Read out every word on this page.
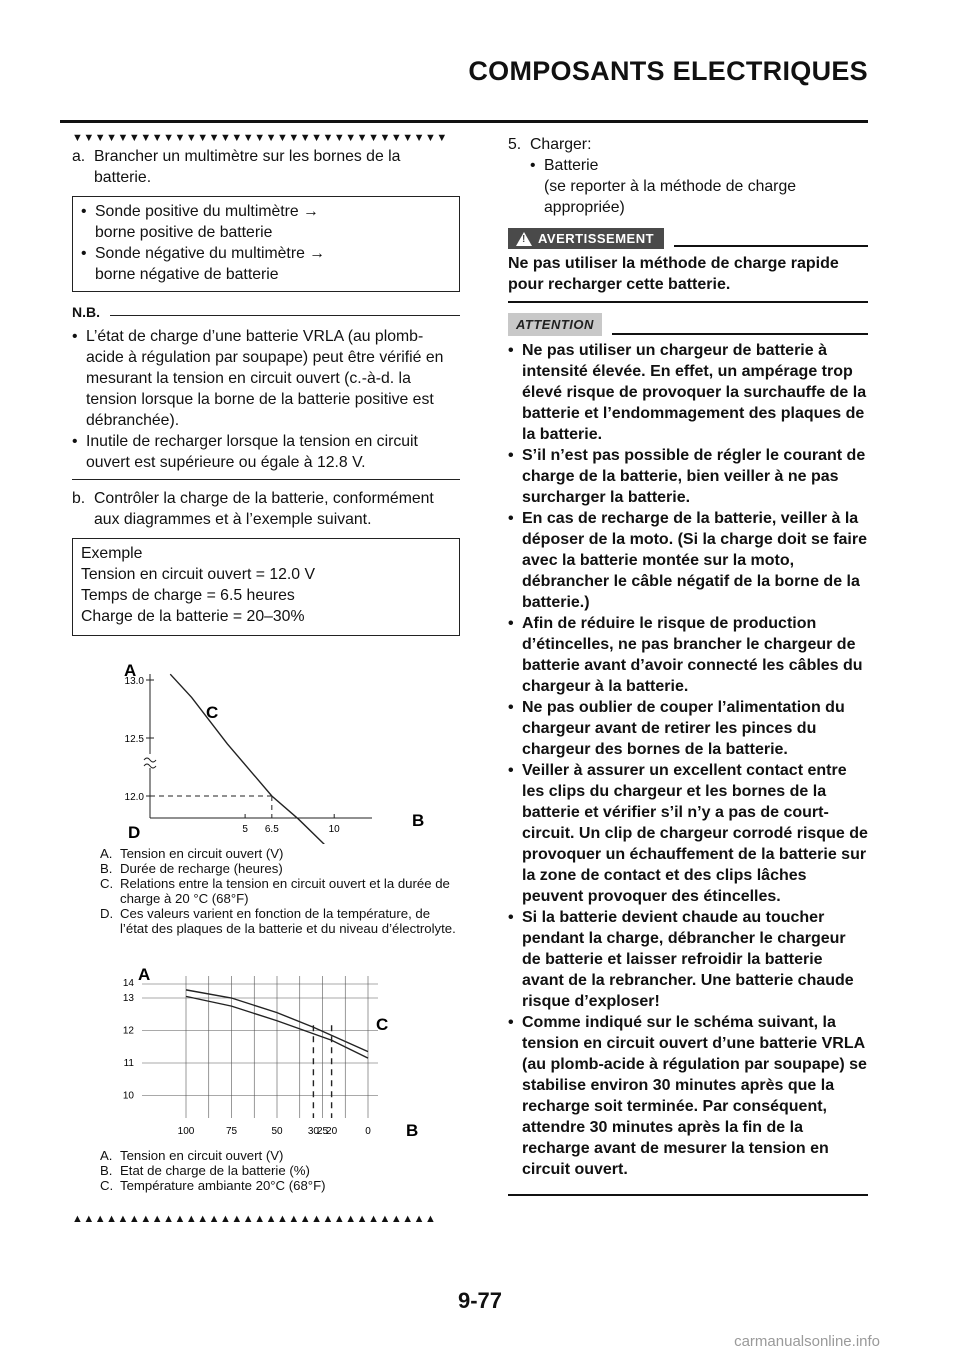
COMPOSANTS ELECTRIQUES
▼▼▼▼▼▼▼▼▼▼▼▼▼▼▼▼▼▼▼▼▼▼▼▼▼▼▼▼▼▼▼▼▼
a. Brancher un multimètre sur les bornes de la batterie.

• Sonde positive du multimètre →

borne positive de batterie

• Sonde négative du multimètre →

borne négative de batterie

N.B.
• L’état de charge d’une batterie VRLA (au plomb-acide à régulation par soupape) peut être vérifié en mesurant la tension en circuit ouvert (c.-à-d. la tension lorsque la borne de la batterie positive est débranchée).

• Inutile de recharger lorsque la tension en circuit ouvert est supérieure ou égale à 12.8 V.

b. Contrôler la charge de la batterie, conformément aux diagrammes et à l’exemple suivant.

Exemple

Tension en circuit ouvert = 12.0 V

Temps de charge = 6.5 heures

Charge de la batterie = 20–30%

A
C
B
D
13.0
12.5
12.0
5 6.5	10
A. Tension en circuit ouvert (V)

B. Durée de recharge (heures)

C. Relations entre la tension en circuit ouvert et la durée de charge à 20 °C (68°F)

D. Ces valeurs varient en fonction de la température, de l’état des plaques de la batterie et du niveau d’électrolyte.

A
C
B
14
13
12
11
10
100	75	50	30
25
20	0
A. Tension en circuit ouvert (V)

B. Etat de charge de la batterie (%)

C. Température ambiante 20°C (68°F)

▲▲▲▲▲▲▲▲▲▲▲▲▲▲▲▲▲▲▲▲▲▲▲▲▲▲▲▲▲▲▲▲
5. Charger:

• Batterie

(se reporter à la méthode de charge appropriée)

! AVERTISSEMENT

Ne pas utiliser la méthode de charge rapide pour recharger cette batterie.

ATTENTION
• Ne pas utiliser un chargeur de batterie à intensité élevée. En effet, un ampérage trop élevé risque de provoquer la surchauffe de la batterie et l’endommagement des plaques de la batterie.

• S’il n’est pas possible de régler le courant de charge de la batterie, bien veiller à ne pas surcharger la batterie.

• En cas de recharge de la batterie, veiller à la déposer de la moto. (Si la charge doit se faire avec la batterie montée sur la moto, débrancher le câble négatif de la borne de la batterie.)

• Afin de réduire le risque de production d’étincelles, ne pas brancher le chargeur de batterie avant d’avoir connecté les câbles du chargeur à la batterie.

• Ne pas oublier de couper l’alimentation du chargeur avant de retirer les pinces du chargeur des bornes de la batterie.

• Veiller à assurer un excellent contact entre les clips du chargeur et les bornes de la batterie et vérifier s’il n’y a pas de court-circuit. Un clip de chargeur corrodé risque de provoquer un échauffement de la batterie sur la zone de contact et des clips lâches peuvent provoquer des étincelles.

• Si la batterie devient chaude au toucher pendant la charge, débrancher le chargeur de batterie et laisser refroidir la batterie avant de la rebrancher. Une batterie chaude risque d’exploser!

• Comme indiqué sur le schéma suivant, la tension en circuit ouvert d’une batterie VRLA (au plomb-acide à régulation par soupape) se stabilise environ 30 minutes après que la recharge soit terminée. Par conséquent, attendre 30 minutes après la fin de la recharge avant de mesurer la tension en circuit ouvert.

9-77
carmanualsonline.info
